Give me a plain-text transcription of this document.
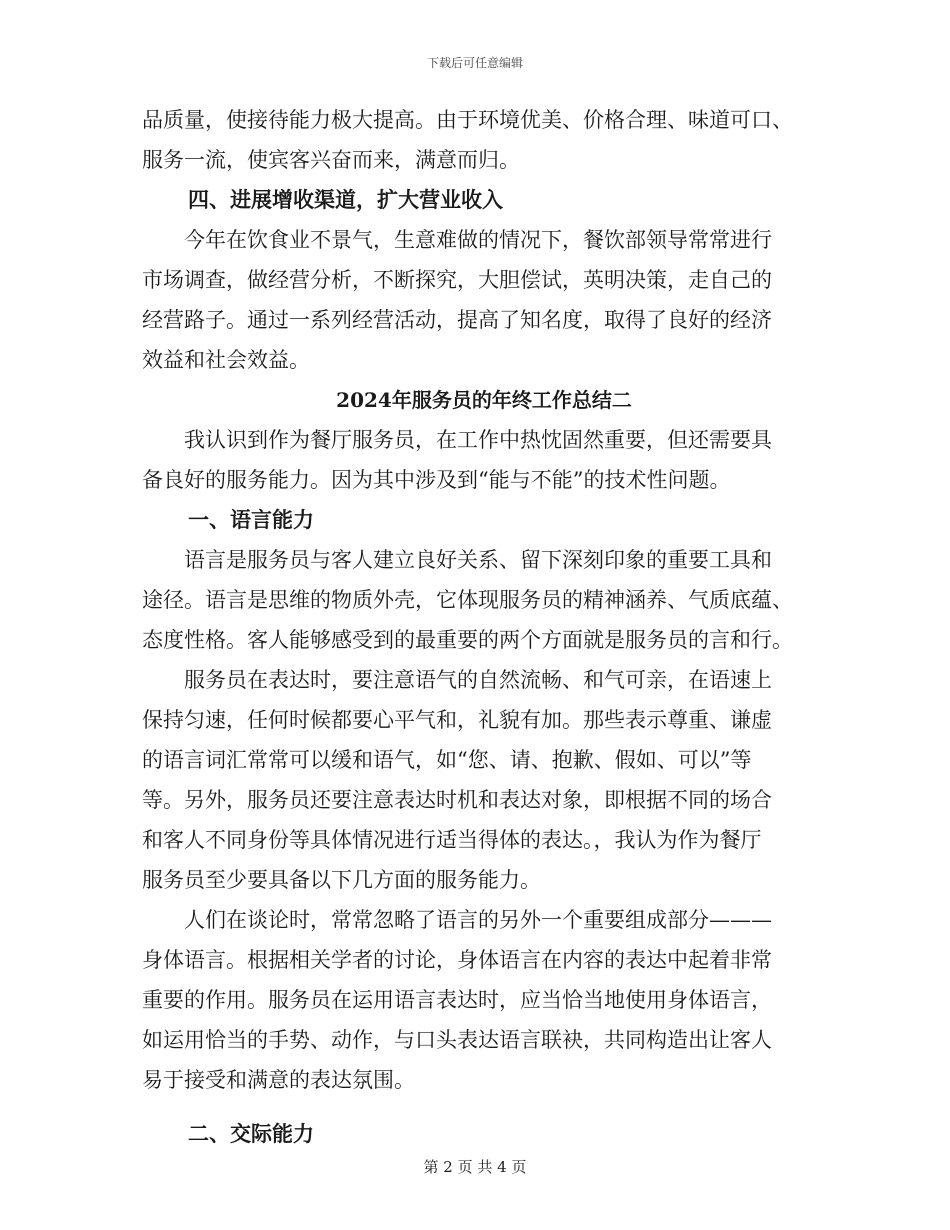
下载后可任意编辑

品质量，使接待能力极大提高。由于环境优美、价格合理、味道可口、

服务一流，使宾客兴奋而来，满意而归。

四、进展增收渠道，扩大营业收入

今年在饮食业不景气，生意难做的情况下，餐饮部领导常常进行

市场调查，做经营分析，不断探究，大胆偿试，英明决策，走自己的

经营路子。通过一系列经营活动，提高了知名度，取得了良好的经济

效益和社会效益。

2024年服务员的年终工作总结二

我认识到作为餐厅服务员，在工作中热忱固然重要，但还需要具

备良好的服务能力。因为其中涉及到“能与不能”的技术性问题。

一、语言能力

语言是服务员与客人建立良好关系、留下深刻印象的重要工具和

途径。语言是思维的物质外壳，它体现服务员的精神涵养、气质底蕴、

态度性格。客人能够感受到的最重要的两个方面就是服务员的言和行。

服务员在表达时，要注意语气的自然流畅、和气可亲，在语速上

保持匀速，任何时候都要心平气和，礼貌有加。那些表示尊重、谦虚

的语言词汇常常可以缓和语气，如“您、请、抱歉、假如、可以”等

等。另外，服务员还要注意表达时机和表达对象，即根据不同的场合

和客人不同身份等具体情况进行适当得体的表达。，我认为作为餐厅

服务员至少要具备以下几方面的服务能力。

人们在谈论时，常常忽略了语言的另外一个重要组成部分———

身体语言。根据相关学者的讨论，身体语言在内容的表达中起着非常

重要的作用。服务员在运用语言表达时，应当恰当地使用身体语言，

如运用恰当的手势、动作，与口头表达语言联袂，共同构造出让客人

易于接受和满意的表达氛围。

二、交际能力

第 2 页 共 4 页
